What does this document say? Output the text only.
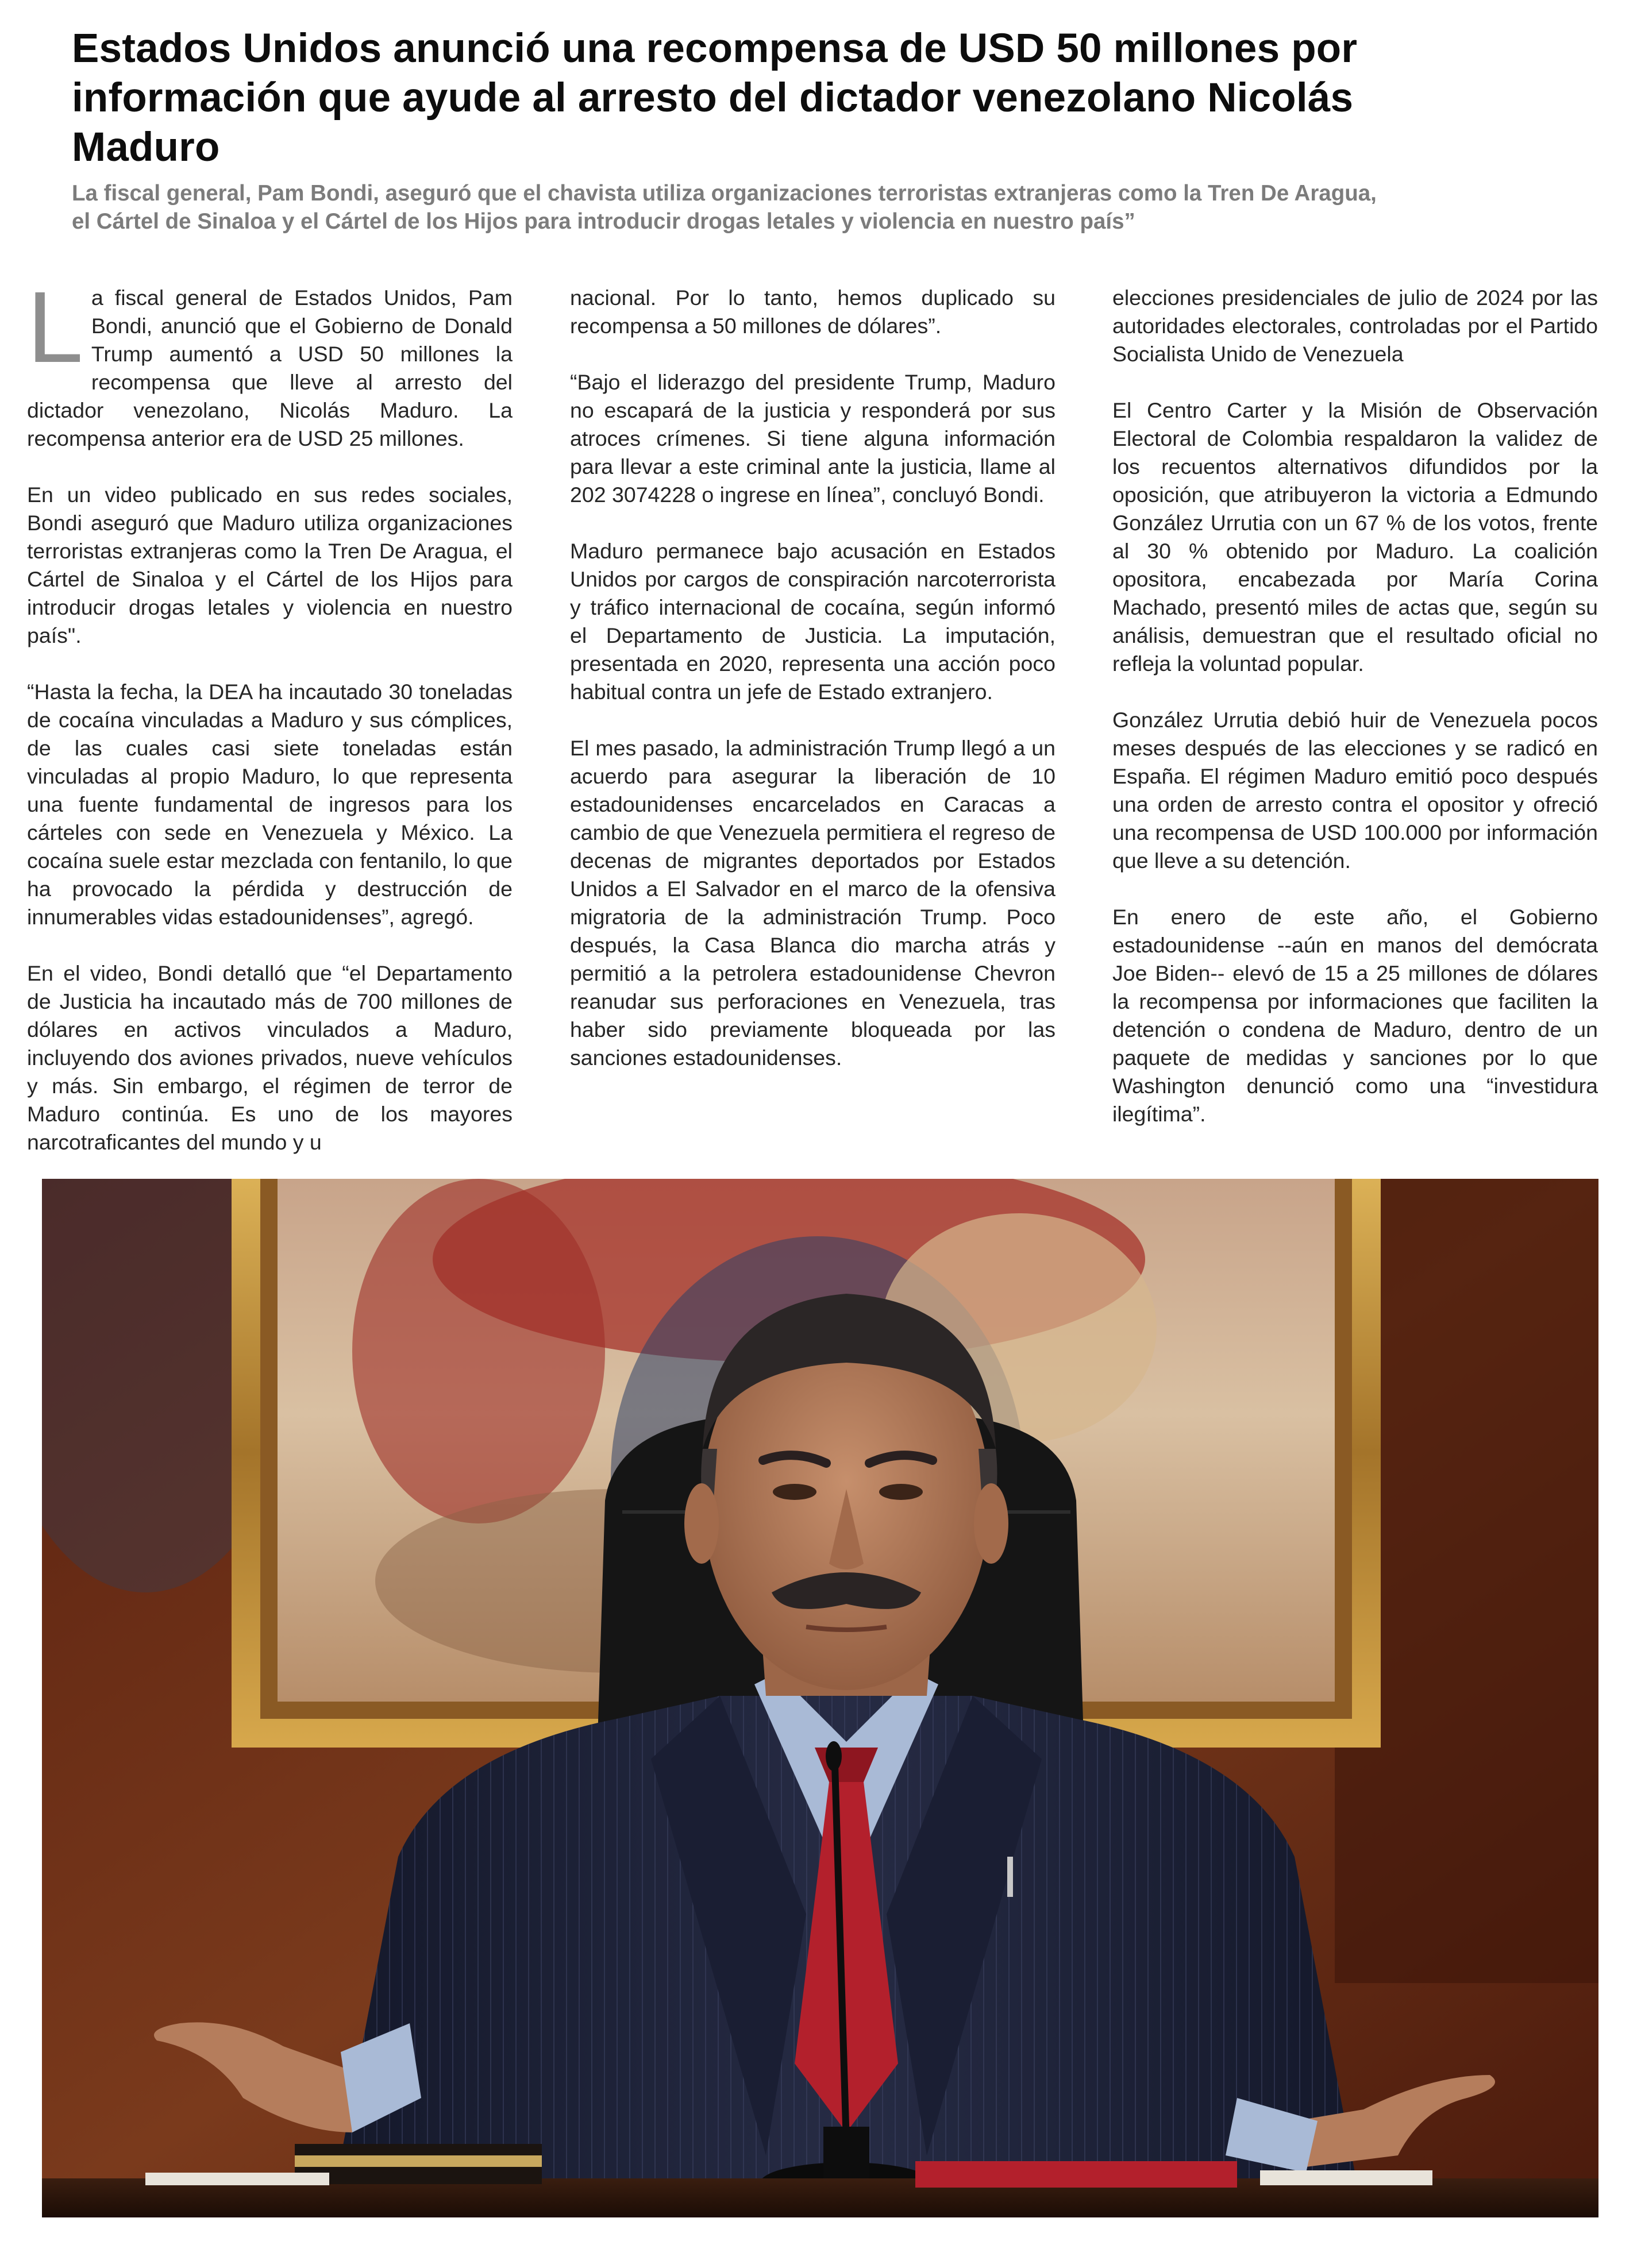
Estados Unidos anunció una recompensa de USD 50 millones por información que ayude al arresto del dictador venezolano Nicolás Maduro

La fiscal general, Pam Bondi, aseguró que el chavista utiliza organizaciones terroristas extranjeras como la Tren De Aragua, el Cártel de Sinaloa y el Cártel de los Hijos para introducir drogas letales y violencia en nuestro país”

La fiscal general de Estados Unidos, Pam Bondi, anunció que el Gobierno de Donald Trump aumentó a USD 50 millones la recompensa que lleve al arresto del dictador venezolano, Nicolás Maduro. La recompensa anterior era de USD 25 millones.

En un video publicado en sus redes sociales, Bondi aseguró que Maduro utiliza organizaciones terroristas extranjeras como la Tren De Aragua, el Cártel de Sinaloa y el Cártel de los Hijos para introducir drogas letales y violencia en nuestro país".

“Hasta la fecha, la DEA ha incautado 30 toneladas de cocaína vinculadas a Maduro y sus cómplices, de las cuales casi siete toneladas están vinculadas al propio Maduro, lo que representa una fuente fundamental de ingresos para los cárteles con sede en Venezuela y México. La cocaína suele estar mezclada con fentanilo, lo que ha provocado la pérdida y destrucción de innumerables vidas estadounidenses”, agregó.

En el video, Bondi detalló que “el Departamento de Justicia ha incautado más de 700 millones de dólares en activos vinculados a Maduro, incluyendo dos aviones privados, nueve vehículos y más. Sin embargo, el régimen de terror de Maduro continúa. Es uno de los mayores narcotraficantes del mundo y u

nacional. Por lo tanto, hemos duplicado su recompensa a 50 millones de dólares”.

“Bajo el liderazgo del presidente Trump, Maduro no escapará de la justicia y responderá por sus atroces crímenes. Si tiene alguna información para llevar a este criminal ante la justicia, llame al 202 3074228 o ingrese en línea”, concluyó Bondi.

Maduro permanece bajo acusación en Estados Unidos por cargos de conspiración narcoterrorista y tráfico internacional de cocaína, según informó el Departamento de Justicia. La imputación, presentada en 2020, representa una acción poco habitual contra un jefe de Estado extranjero.

El mes pasado, la administración Trump llegó a un acuerdo para asegurar la liberación de 10 estadounidenses encarcelados en Caracas a cambio de que Venezuela permitiera el regreso de decenas de migrantes deportados por Estados Unidos a El Salvador en el marco de la ofensiva migratoria de la administración Trump. Poco después, la Casa Blanca dio marcha atrás y permitió a la petrolera estadounidense Chevron reanudar sus perforaciones en Venezuela, tras haber sido previamente bloqueada por las sanciones estadounidenses.

elecciones presidenciales de julio de 2024 por las autoridades electorales, controladas por el Partido Socialista Unido de Venezuela

El Centro Carter y la Misión de Observación Electoral de Colombia respaldaron la validez de los recuentos alternativos difundidos por la oposición, que atribuyeron la victoria a Edmundo González Urrutia con un 67 % de los votos, frente al 30 % obtenido por Maduro. La coalición opositora, encabezada por María Corina Machado, presentó miles de actas que, según su análisis, demuestran que el resultado oficial no refleja la voluntad popular.

González Urrutia debió huir de Venezuela pocos meses después de las elecciones y se radicó en España. El régimen Maduro emitió poco después una orden de arresto contra el opositor y ofreció una recompensa de USD 100.000 por información que lleve a su detención.

En enero de este año, el Gobierno estadounidense --aún en manos del demócrata Joe Biden-- elevó de 15 a 25 millones de dólares la recompensa por informaciones que faciliten la detención o condena de Maduro, dentro de un paquete de medidas y sanciones por lo que Washington denunció como una “investidura ilegítima”.
